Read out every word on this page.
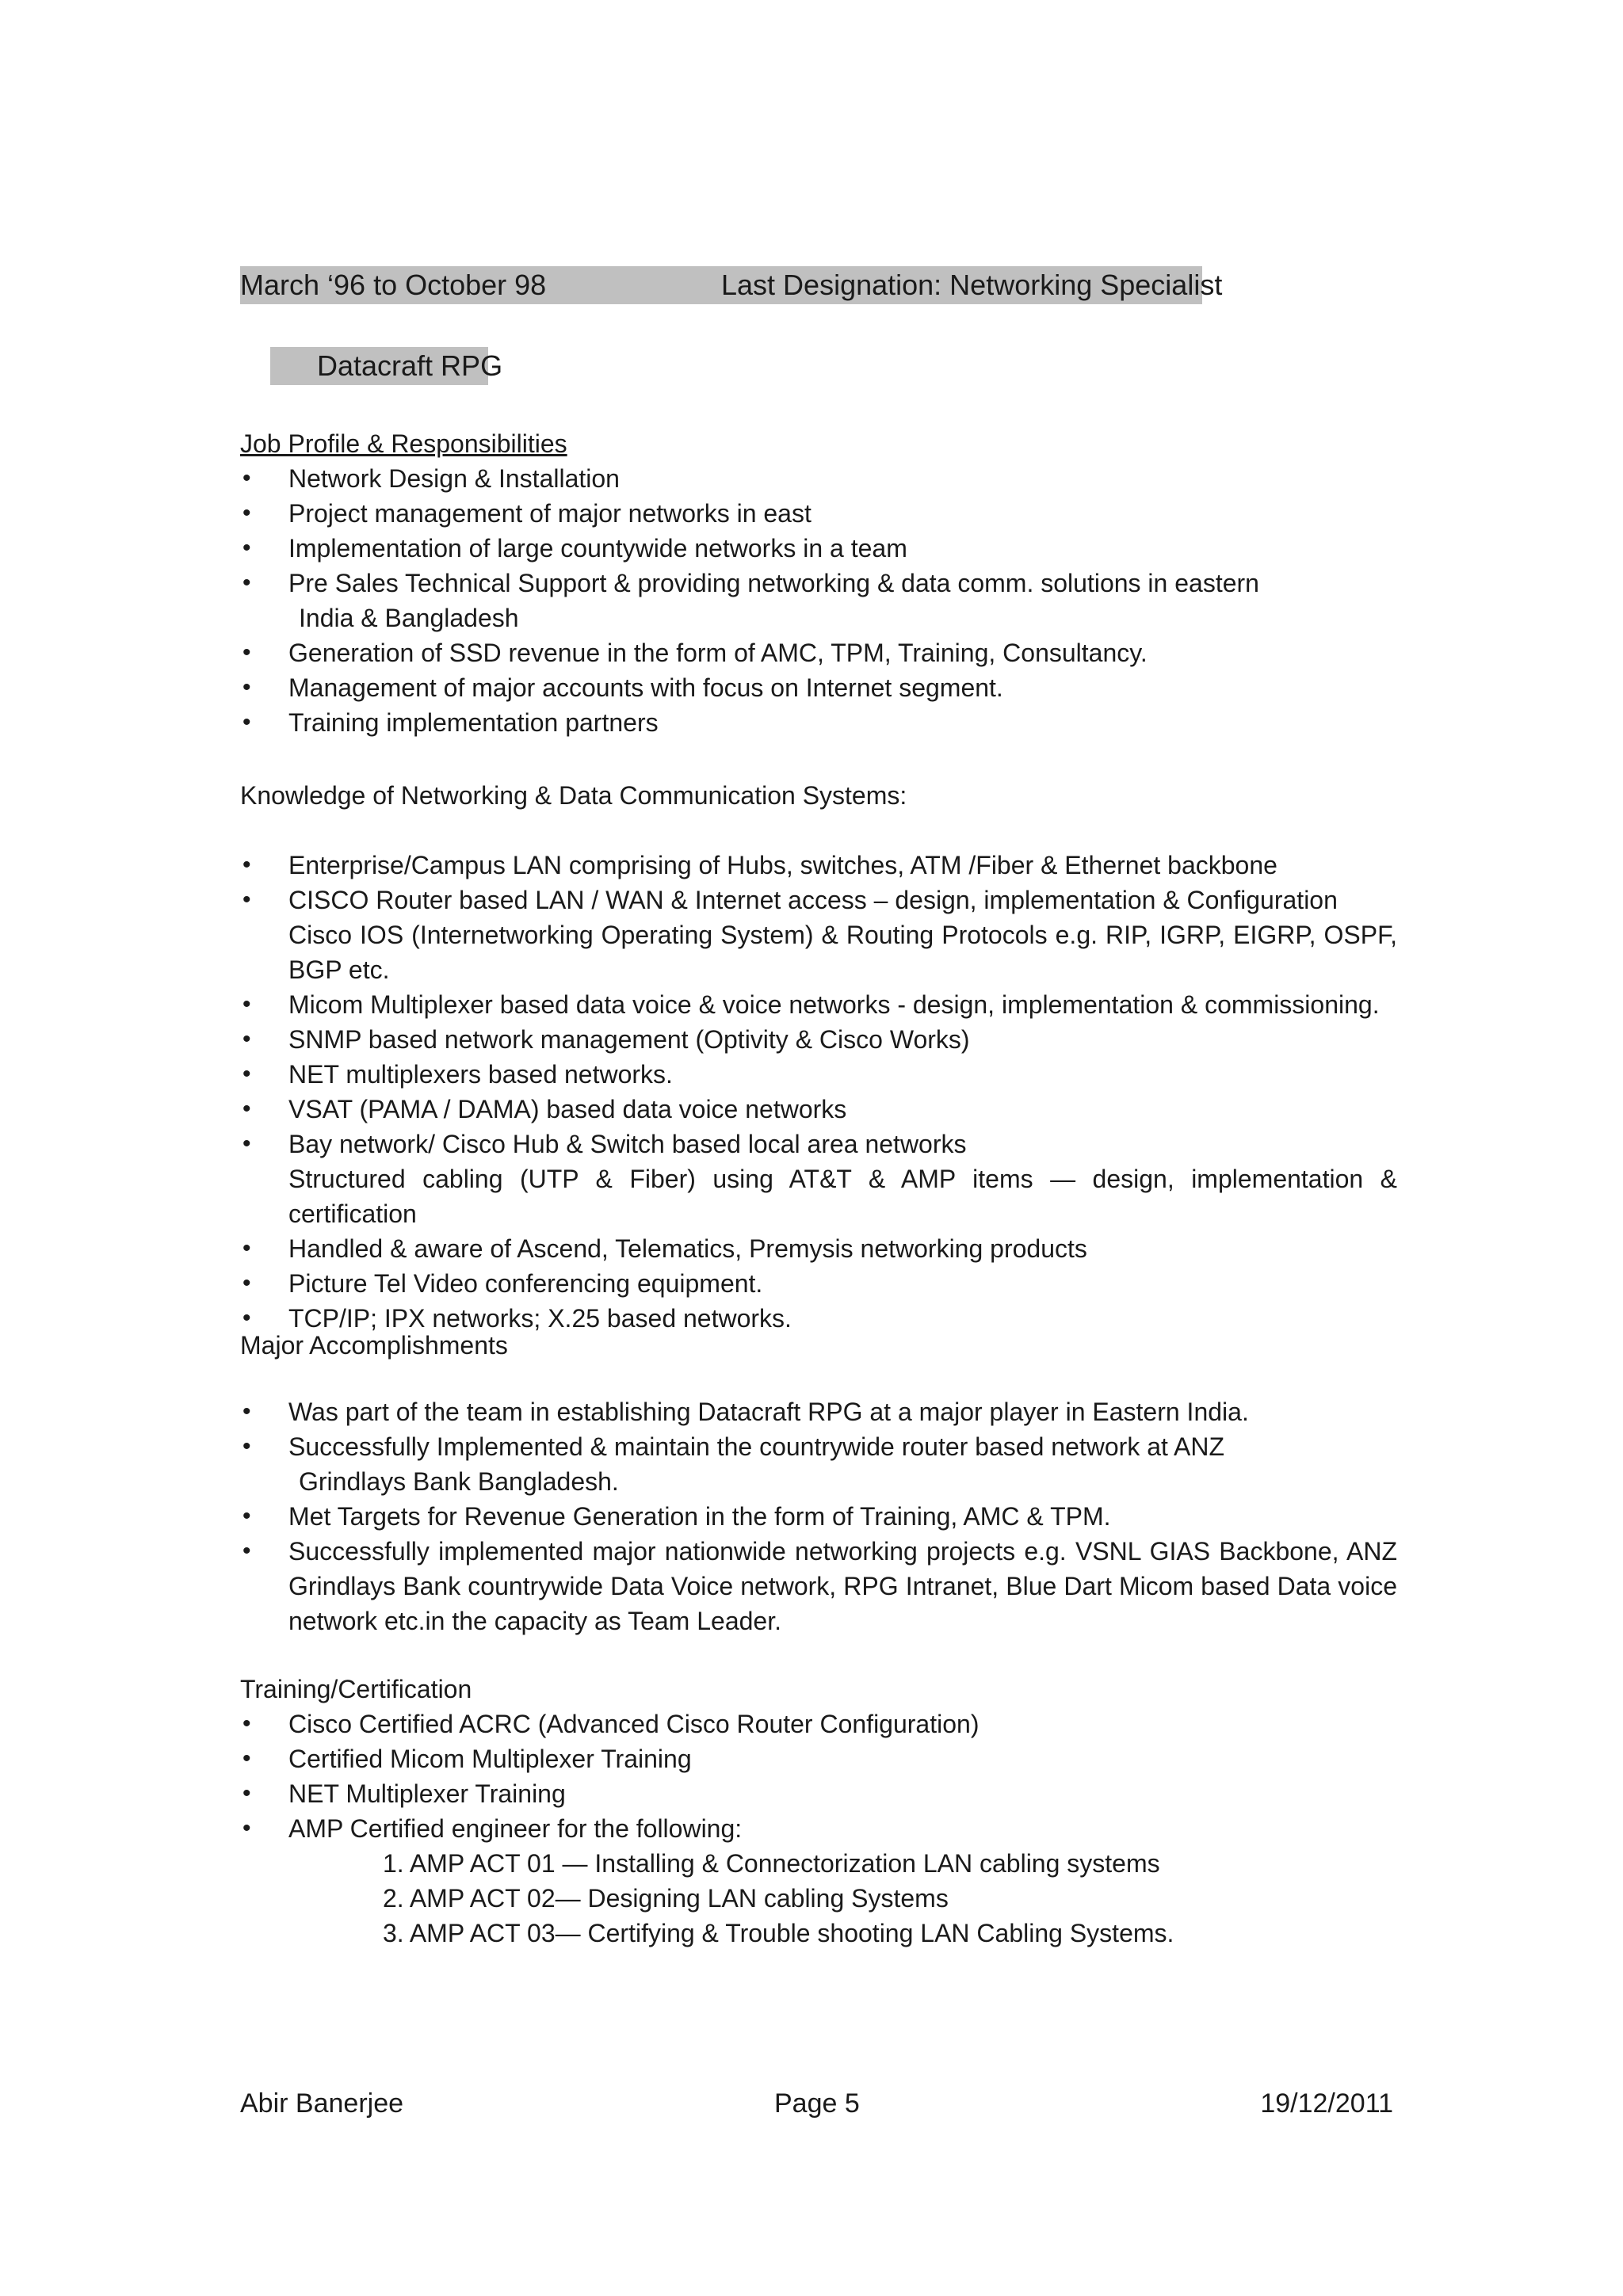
March ‘96 to October 98	Last Designation: Networking Specialist
Datacraft RPG
Job Profile & Responsibilities
• Network Design & Installation
• Project management of major networks in east
• Implementation of large countywide networks in a team
• Pre Sales Technical Support & providing networking & data comm. solutions in eastern
India & Bangladesh
• Generation of SSD revenue in the form of AMC, TPM, Training, Consultancy.
• Management of major accounts with focus on Internet segment.
• Training implementation partners
Knowledge of Networking & Data Communication Systems:
• Enterprise/Campus LAN comprising of Hubs, switches, ATM /Fiber & Ethernet backbone
• CISCO Router based LAN / WAN & Internet access – design, implementation & Configuration
Cisco IOS (Internetworking Operating System) & Routing Protocols e.g. RIP, IGRP, EIGRP, OSPF, BGP etc.
• Micom Multiplexer based data voice & voice networks - design, implementation & commissioning.
• SNMP based network management (Optivity & Cisco Works)
• NET multiplexers based networks.
• VSAT (PAMA / DAMA) based data voice networks
• Bay network/ Cisco Hub & Switch based local area networks
Structured cabling (UTP & Fiber) using AT&T & AMP items — design, implementation & certification
• Handled & aware of Ascend, Telematics, Premysis networking products
• Picture Tel Video conferencing equipment.
• TCP/IP; IPX networks; X.25 based networks.
Major Accomplishments
• Was part of the team in establishing Datacraft RPG at a major player in Eastern India.
• Successfully Implemented & maintain the countrywide router based network at ANZ
Grindlays Bank Bangladesh.
• Met Targets for Revenue Generation in the form of Training, AMC & TPM.
• Successfully implemented major nationwide networking projects e.g. VSNL GIAS Backbone, ANZ Grindlays Bank countrywide Data Voice network, RPG Intranet, Blue Dart Micom based Data voice network etc.in the capacity as Team Leader.
Training/Certification
• Cisco Certified ACRC (Advanced Cisco Router Configuration)
• Certified Micom Multiplexer Training
• NET Multiplexer Training
• AMP Certified engineer for the following:
1. AMP ACT 01 — Installing & Connectorization LAN cabling systems
2. AMP ACT 02— Designing LAN cabling Systems
3. AMP ACT 03— Certifying & Trouble shooting LAN Cabling Systems.
Abir Banerjee	Page 5	19/12/2011
